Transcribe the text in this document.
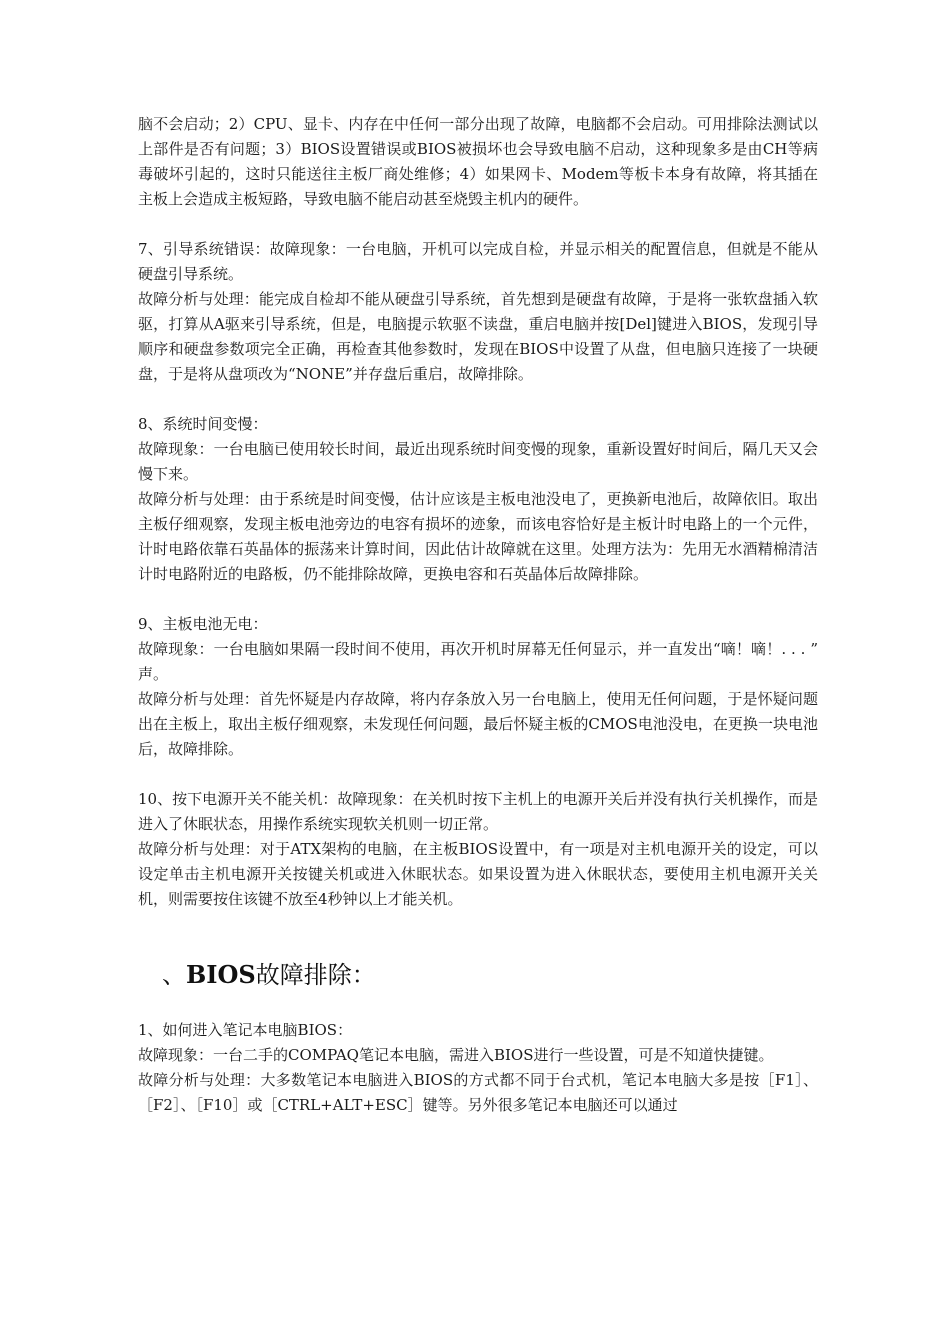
脑不会启动；2）CPU、显卡、内存在中任何一部分出现了故障，电脑都不会启动。可用排除法测试以上部件是否有问题；3）BIOS设置错误或BIOS被损坏也会导致电脑不启动，这种现象多是由CH等病毒破坏引起的，这时只能送往主板厂商处维修；4）如果网卡、Modem等板卡本身有故障，将其插在主板上会造成主板短路，导致电脑不能启动甚至烧毁主机内的硬件。

7、引导系统错误：故障现象：一台电脑，开机可以完成自检，并显示相关的配置信息，但就是不能从硬盘引导系统。

故障分析与处理：能完成自检却不能从硬盘引导系统，首先想到是硬盘有故障，于是将一张软盘插入软驱，打算从A驱来引导系统，但是，电脑提示软驱不读盘，重启电脑并按[Del]键进入BIOS，发现引导顺序和硬盘参数项完全正确，再检查其他参数时，发现在BIOS中设置了从盘，但电脑只连接了一块硬盘，于是将从盘项改为“NONE”并存盘后重启，故障排除。

8、系统时间变慢：

故障现象：一台电脑已使用较长时间，最近出现系统时间变慢的现象，重新设置好时间后，隔几天又会慢下来。

故障分析与处理：由于系统是时间变慢，估计应该是主板电池没电了，更换新电池后，故障依旧。取出主板仔细观察，发现主板电池旁边的电容有损坏的迹象，而该电容恰好是主板计时电路上的一个元件，计时电路依靠石英晶体的振荡来计算时间，因此估计故障就在这里。处理方法为：先用无水酒精棉清洁计时电路附近的电路板，仍不能排除故障，更换电容和石英晶体后故障排除。

9、主板电池无电：

故障现象：一台电脑如果隔一段时间不使用，再次开机时屏幕无任何显示，并一直发出“嘀！嘀！. . . ” 声。

故障分析与处理：首先怀疑是内存故障，将内存条放入另一台电脑上，使用无任何问题，于是怀疑问题出在主板上，取出主板仔细观察，未发现任何问题，最后怀疑主板的CMOS电池没电，在更换一块电池后，故障排除。

10、按下电源开关不能关机：故障现象：在关机时按下主机上的电源开关后并没有执行关机操作，而是进入了休眠状态，用操作系统实现软关机则一切正常。

故障分析与处理：对于ATX架构的电脑，在主板BIOS设置中，有一项是对主机电源开关的设定，可以设定单击主机电源开关按键关机或进入休眠状态。如果设置为进入休眠状态，要使用主机电源开关关机，则需要按住该键不放至4秒钟以上才能关机。

、BIOS故障排除：

1、如何进入笔记本电脑BIOS：

故障现象：一台二手的COMPAQ笔记本电脑，需进入BIOS进行一些设置，可是不知道快捷键。

故障分析与处理：大多数笔记本电脑进入BIOS的方式都不同于台式机，笔记本电脑大多是按［F1］、［F2］、［F10］或［CTRL+ALT+ESC］键等。另外很多笔记本电脑还可以通过
